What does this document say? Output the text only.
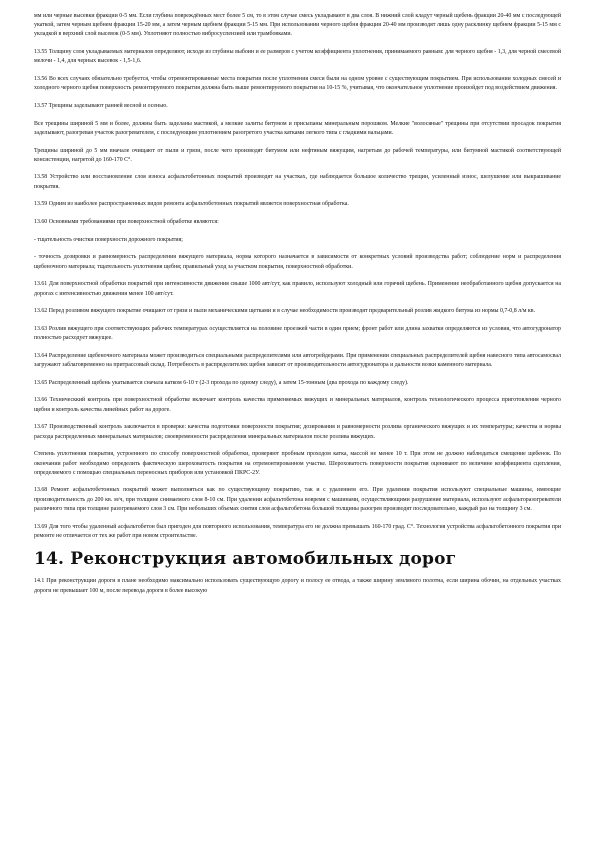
мм или черные высевки фракции 0-5 мм. Если глубина повреждённых мест более 5 см, то в этом случае смесь укладывают в два слоя. В нижний слой кладут черный щебень фракции 20-40 мм с последующей укаткой, затем черным щебнем фракции 15-20 мм, а затем черным щебнем фракции 5-15 мм. При использовании черного щебня фракции 20-40 мм производят лишь одну расклинку щебнем фракции 5-15 мм с укладкой в верхний слой высевок (0-5 мм). Уплотняют полностью вибросуспензией или трамбовками.

13.55 Толщину слоя укладываемых материалов определяют, исходя из глубины выбоин и ее размеров с учетом коэффициента уплотнения, принимаемого равным: для черного щебня - 1,3, для черной смесевой мелочи - 1,4, для черных высевок - 1,5-1,6.

13.56 Во всех случаях обязательно требуется, чтобы отремонтированные места покрытия после уплотнения смеси были на одном уровне с существующим покрытием. При использовании холодных смесей и холодного черного щебня поверхность ремонтируемого покрытия должна быть выше ремонтируемого покрытия на 10-15 %, учитывая, что окончательное уплотнение произойдет под воздействием движения.

13.57 Трещины заделывают ранней весной и осенью.

Все трещины шириной 5 мм и более, должны быть заделаны мастикой, а мелкие залиты битумом и присыпаны минеральным порошком. Мелкие "волосяные" трещины при отсутствии просадок покрытия заделывают, разогревая участок разогревателем, с последующим уплотнением разогретого участка катками легкого типа с гладкими вальцами.

Трещины шириной до 5 мм вначале очищают от пыли и грязи, после чего производят битумом или нефтяным вяжущим, нагретым до рабочей температуры, или битумной мастикой соответствующей консистенции, нагретой до 160-170 С°.

13.58 Устройство или восстановление слоя износа асфальтобетонных покрытий производят на участках, где наблюдается большое количество трещин, усиленный износ, шелушение или выкрашивание покрытия.

13.59 Одним из наиболее распространенных видов ремонта асфальтобетонных покрытий является поверхностная обработка.

13.60 Основными требованиями при поверхностной обработке являются:

- тщательность очистки поверхности дорожного покрытия;

- точность дозировки и равномерность распределения вяжущего материала, норма которого назначается в зависимости от конкретных условий производства работ; соблюдение норм и распределения щебеночного материала; тщательность уплотнения щебня; правильный уход за участком покрытия, поверхностной обработки.

13.61 Для поверхностной обработки покрытий при интенсивности движения свыше 1000 авт/сут, как правило, используют холодный или горячий щебень. Применение необработанного щебня допускается на дорогах с интенсивностью движения менее 100 авт/сут.

13.62 Перед розливом вяжущего покрытие очищают от грязи и пыли механическими щетками и в случае необходимости производят предварительный розлив жидкого битума из нормы 0,7-0,8 л/м кв.

13.63 Розлив вяжущего при соответствующих рабочих температурах осуществляется на половине проезжей части в один прием; фронт работ или длина захватки определяются из условия, что автогудронатор полностью расходует вяжущее.

13.64 Распределение щебеночного материала может производиться специальными распределителями или автогрейдерами. При применении специальных распределителей щебня навесного типа автосамосвал загружают заблаговременно на притрассовый склад. Потребность в распределителях щебня зависит от производительности автогудронатора и дальности возки каменного материала.

13.65 Распределенный щебень укатывается сначала катком 6-10 т (2-3 прохода по одному следу), а затем 15-тонным (два прохода по каждому следу).

13.66 Техническкий контроль при поверхностной обработке включает контроль качества применяемых вяжущих и минеральных материалов, контроль технологического процесса приготовления черного щебня и контроль качества линейных работ на дороге.

13.67 Производственный контроль заключается в проверке: качества подготовки поверхности покрытия; дозирования и равномерности розлива органического вяжущих и их температуры; качества и нормы расхода распределенных минеральных материалов; своевременности распределения минеральных материалов после розлива вяжущих.

Степень уплотнения покрытия, устроенного по способу поверхностной обработки, проверяют пробным проходом катка, массой не менее 10 т. При этом не должно наблюдаться смещение щебенок. По окончании работ необходимо определить фактическую шероховатость покрытия на отремонтированном участке. Шероховатость поверхности покрытия оценивают по величине коэффициента сцепления, определяемого с помощью специальных переносных приборов или установкой ПКРС-2У.

13.68 Ремонт асфальтобетонных покрытий может выполняться как по существующему покрытию, так и с удалением его. При удалении покрытия используют специальные машины, имеющие производительность до 200 кв. м/ч, при толщине снимаемого слоя 8-10 см. При удалении асфальтобетона вовремя с машинами, осуществляющими разрушение материала, используют асфальторазогреватели различного типа при толщине разогреваемого слоя 3 см. При небольших объемах снятия слоя асфальтобетона большой толщины разогрев производят последовательно, каждый раз на толщину 3 см.

13.69 Для того чтобы удаленный асфальтобетон был пригоден для повторного использования, температура его не должна превышать 160-170 град. С°. Технология устройства асфальтобетонного покрытия при ремонте не отличается от тех же работ при новом строительстве.

14. Реконструкция автомобильных дорог

14.1 При реконструкции дороги в плане необходимо максимально использовать существующую дорогу и полосу ее отвода, а также ширину земляного полотна, если ширина обочин, на отдельных участках дороги не превышает 100 м, после перевода дороги в более высокую
